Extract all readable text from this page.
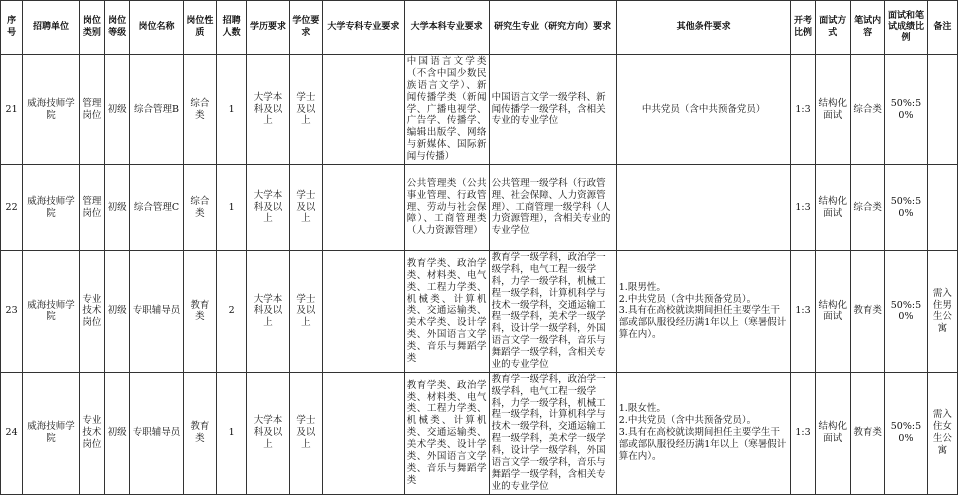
序号	招聘单位	岗位类别	岗位等级	岗位名称	岗位性质	招聘人数	学历要求	学位要求	大学专科专业要求	大学本科专业要求	研究生专业（研究方向）要求	其他条件要求	开考比例	面试方式	笔试内容	面试和笔试成绩比例	备注
21	威海技师学院	管理岗位	初级	综合管理B	综合类	1	大学本科及以上	学士及以上		中国语言文学类（不含中国少数民族语言文学）、新闻传播学类（新闻学、广播电视学、广告学、传播学、编辑出版学、网络与新媒体、国际新闻与传播）	中国语言文学一级学科、新闻传播学一级学科，含相关专业的专业学位	中共党员（含中共预备党员）	1:3	结构化面试	综合类	50%:50%	
22	威海技师学院	管理岗位	初级	综合管理C	综合类	1	大学本科及以上	学士及以上		公共管理类（公共事业管理、行政管理、劳动与社会保障）、工商管理类（人力资源管理）	公共管理一级学科（行政管理、社会保障、人力资源管理）、工商管理一级学科（人力资源管理），含相关专业的专业学位		1:3	结构化面试	综合类	50%:50%	
23	威海技师学院	专业技术岗位	初级	专职辅导员	教育类	2	大学本科及以上	学士及以上		教育学类、政治学类、材料类、电气类、工程力学类、机械类、计算机类、交通运输类、美术学类、设计学类、外国语言文学类、音乐与舞蹈学类	教育学一级学科，政治学一级学科，电气工程一级学科，力学一级学科，机械工程一级学科，计算机科学与技术一级学科，交通运输工程一级学科，美术学一级学科，设计学一级学科，外国语言文学一级学科，音乐与舞蹈学一级学科，含相关专业的专业学位	1.限男性。
2.中共党员（含中共预备党员）。
3.具有在高校就读期间担任主要学生干部或部队服役经历满1年以上（寒暑假计算在内）。	1:3	结构化面试	教育类	50%:50%	需入住男生公寓
24	威海技师学院	专业技术岗位	初级	专职辅导员	教育类	1	大学本科及以上	学士及以上		教育学类、政治学类、材料类、电气类、工程力学类、机械类、计算机类、交通运输类、美术学类、设计学类、外国语言文学类、音乐与舞蹈学类	教育学一级学科，政治学一级学科，电气工程一级学科，力学一级学科，机械工程一级学科，计算机科学与技术一级学科，交通运输工程一级学科，美术学一级学科，设计学一级学科，外国语言文学一级学科，音乐与舞蹈学一级学科，含相关专业的专业学位	1.限女性。
2.中共党员（含中共预备党员）。
3.具有在高校就读期间担任主要学生干部或部队服役经历满1年以上（寒暑假计算在内）。	1:3	结构化面试	教育类	50%:50%	需入住女生公寓
